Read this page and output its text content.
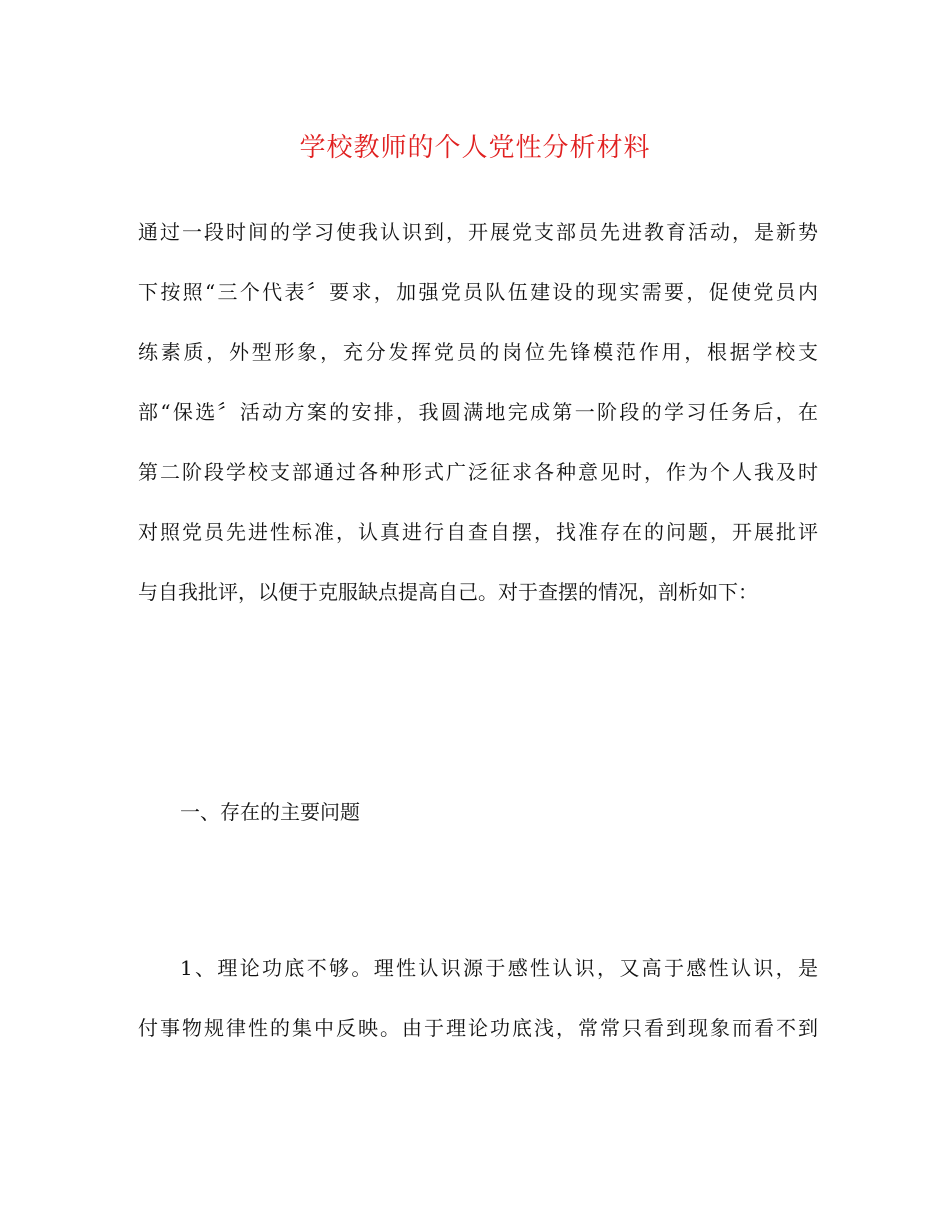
学校教师的个人党性分析材料
通过一段时间的学习使我认识到，开展党支部员先进教育活动，是新势
下按照“三个代表〞要求，加强党员队伍建设的现实需要，促使党员内
练素质，外型形象，充分发挥党员的岗位先锋模范作用，根据学校支
部“保选〞活动方案的安排，我圆满地完成第一阶段的学习任务后，在
第二阶段学校支部通过各种形式广泛征求各种意见时，作为个人我及时
对照党员先进性标准，认真进行自查自摆，找准存在的问题，开展批评
与自我批评，以便于克服缺点提高自己。对于查摆的情况，剖析如下：
一、存在的主要问题
1、理论功底不够。理性认识源于感性认识，又高于感性认识，是
付事物规律性的集中反映。由于理论功底浅，常常只看到现象而看不到
